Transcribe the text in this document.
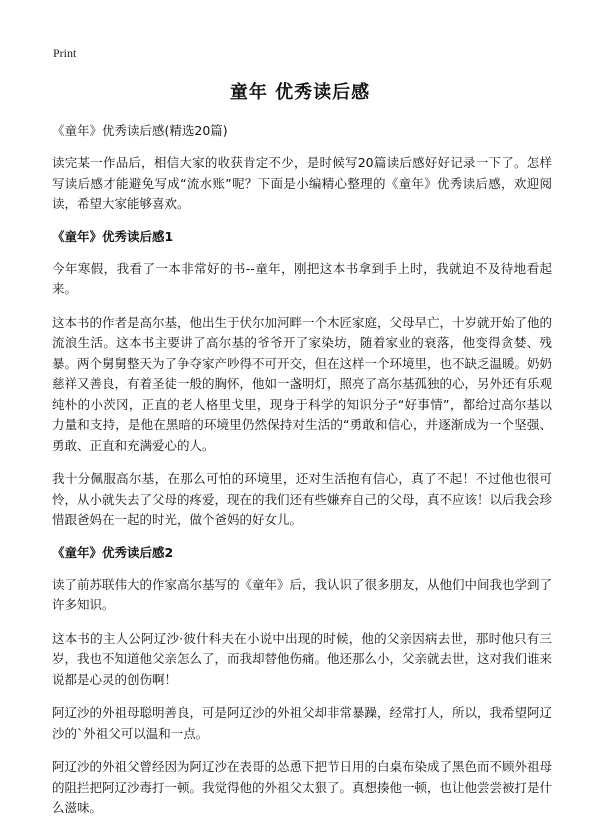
Print
童年 优秀读后感
《童年》优秀读后感(精选20篇)

读完某一作品后，相信大家的收获肯定不少，是时候写20篇读后感好好记录一下了。怎样写读后感才能避免写成“流水账”呢？下面是小编精心整理的《童年》优秀读后感，欢迎阅读，希望大家能够喜欢。

《童年》优秀读后感1

今年寒假，我看了一本非常好的书--童年，刚把这本书拿到手上时，我就迫不及待地看起来。

这本书的作者是高尔基，他出生于伏尔加河畔一个木匠家庭，父母早亡，十岁就开始了他的流浪生活。这本书主要讲了高尔基的爷爷开了家染坊，随着家业的衰落，他变得贪婪、残暴。两个舅舅整天为了争夺家产吵得不可开交，但在这样一个环境里，也不缺乏温暖。奶奶慈祥又善良，有着圣徒一般的胸怀，他如一盏明灯，照亮了高尔基孤独的心，另外还有乐观纯朴的小茨冈，正直的老人格里戈里，现身于科学的知识分子“好事情”，都给过高尔基以力量和支持，是他在黑暗的环境里仍然保持对生活的“勇敢和信心，并逐渐成为一个坚强、勇敢、正直和充满爱心的人。

我十分佩服高尔基，在那么可怕的环境里，还对生活抱有信心，真了不起！不过他也很可怜，从小就失去了父母的疼爱，现在的我们还有些嫌弃自己的父母，真不应该！以后我会珍惜跟爸妈在一起的时光，做个爸妈的好女儿。

《童年》优秀读后感2

读了前苏联伟大的作家高尔基写的《童年》后，我认识了很多朋友，从他们中间我也学到了许多知识。

这本书的主人公阿辽沙·彼什科夫在小说中出现的时候，他的父亲因病去世，那时他只有三岁，我也不知道他父亲怎么了，而我却替他伤痛。他还那么小，父亲就去世，这对我们谁来说都是心灵的创伤啊！

阿辽沙的外祖母聪明善良，可是阿辽沙的外祖父却非常暴躁，经常打人，所以，我希望阿辽沙的`外祖父可以温和一点。

阿辽沙的外祖父曾经因为阿辽沙在表哥的怂恿下把节日用的白桌布染成了黑色而不顾外祖母的阻拦把阿辽沙毒打一顿。我觉得他的外祖父太狠了。真想揍他一顿，也让他尝尝被打是什么滋味。
